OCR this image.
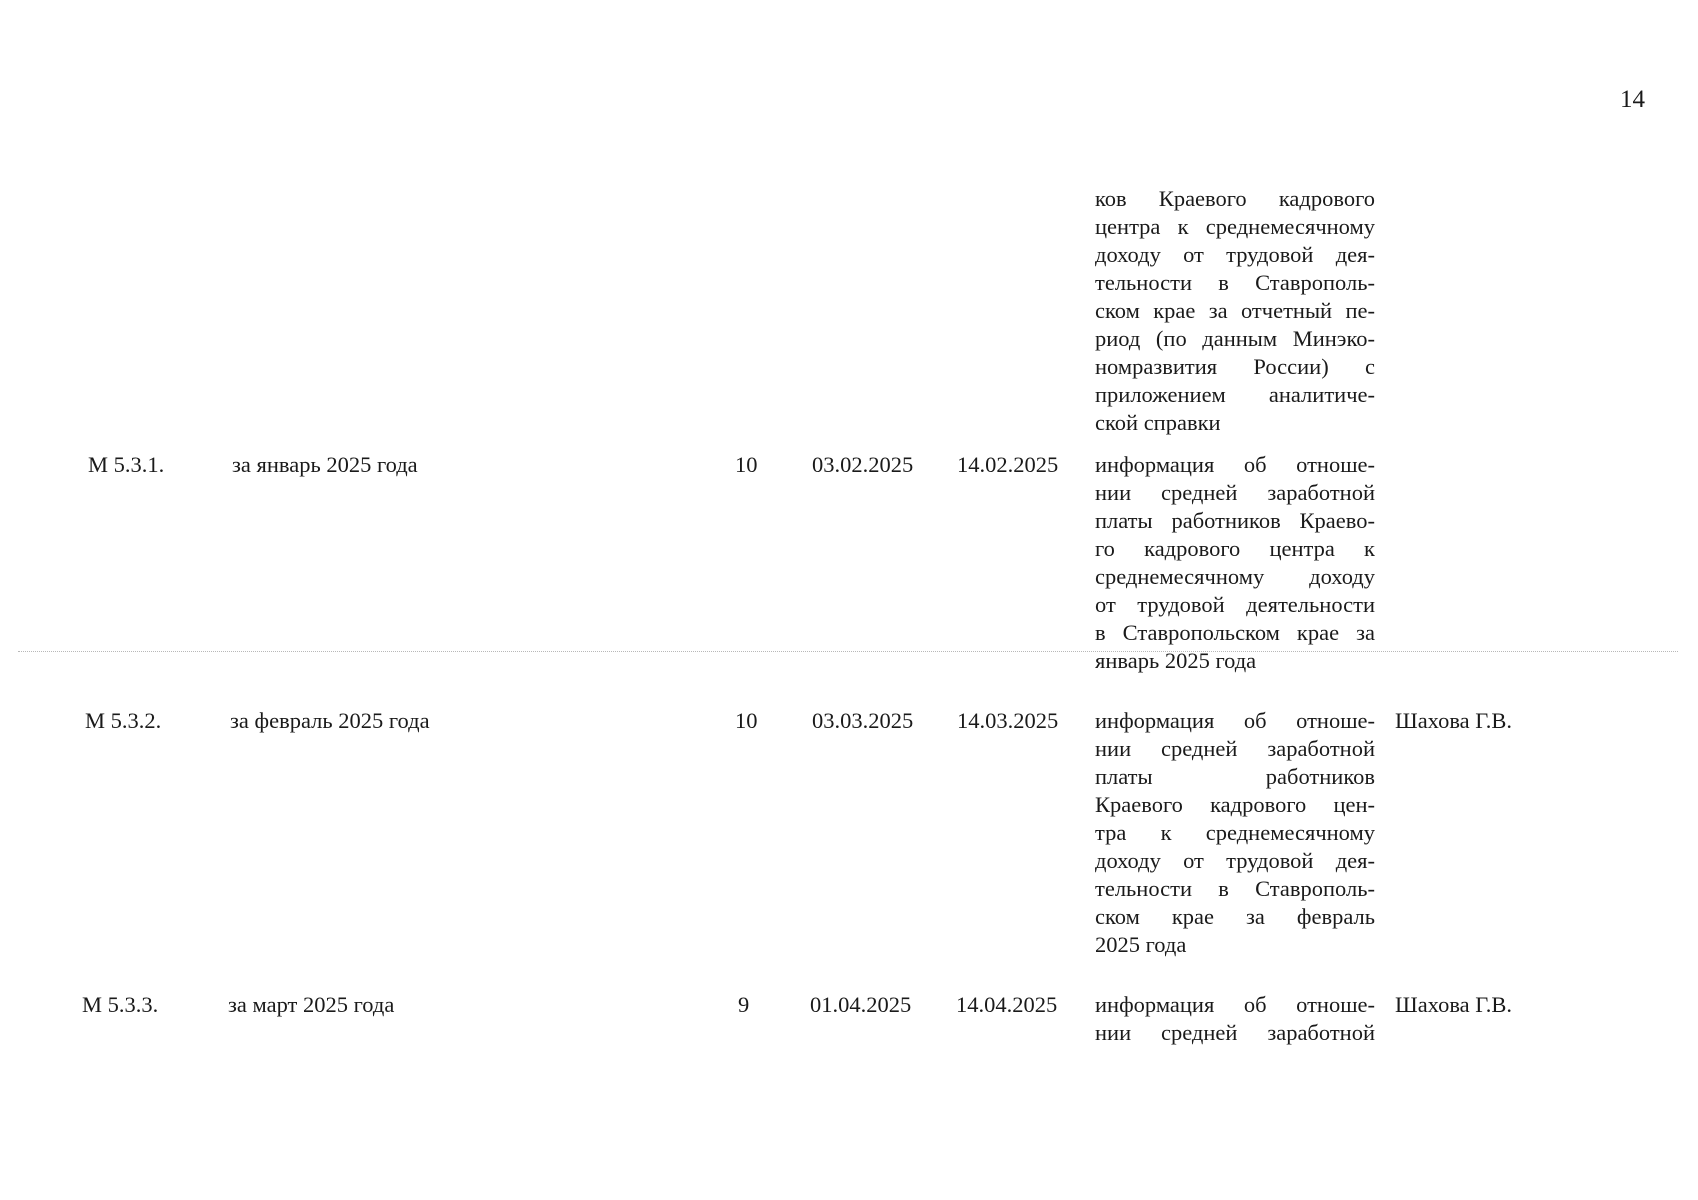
14
ков Краевого кадрового
центра к среднемесячному
доходу от трудовой дея-
тельности в Ставрополь-
ском крае за отчетный пе-
риод (по данным Минэко-
номразвития России) с
приложением аналитиче-
ской справки
М 5.3.1.	за январь 2025 года	10 03.02.2025 14.02.2025 информация об отноше-
нии средней заработной
платы работников Краево-
го кадрового центра к
среднемесячному доходу
от трудовой деятельности
в Ставропольском крае за
январь 2025 года
М 5.3.2.	за февраль 2025 года	10 03.03.2025 14.03.2025 информация об отноше-
нии средней заработной
платы работников
Краевого кадрового цен-
тра к среднемесячному
доходу от трудовой дея-
тельности в Ставрополь-
ском крае за февраль
2025 года
Шахова Г.В.
М 5.3.3.	за март 2025 года	9	01.04.2025 14.04.2025 информация об отноше-
нии средней заработной
Шахова Г.В.
